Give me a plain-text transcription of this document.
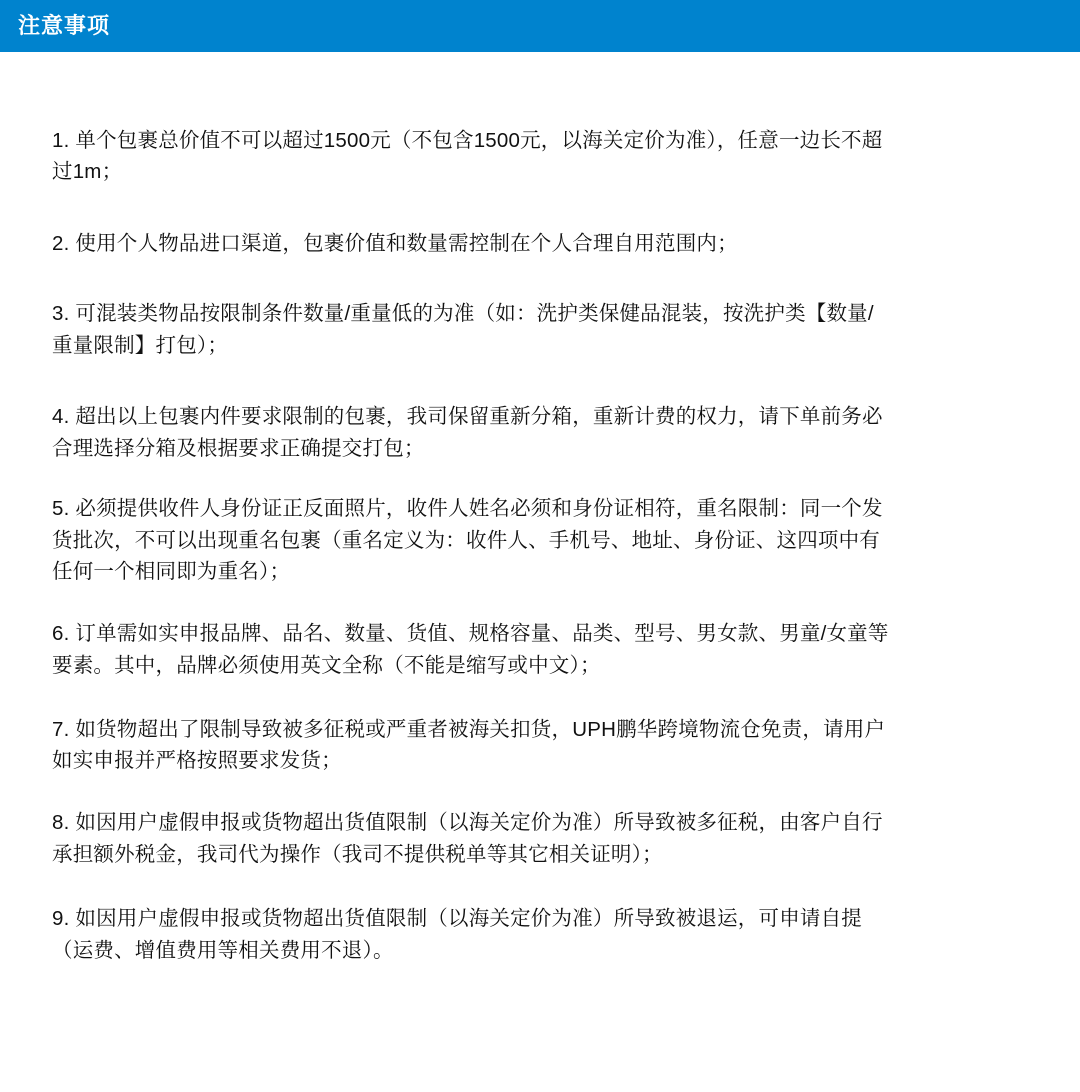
注意事项

1. 单个包裹总价值不可以超过1500元（不包含1500元，以海关定价为准），任意一边长不超过1m；

2. 使用个人物品进口渠道，包裹价值和数量需控制在个人合理自用范围内；

3. 可混装类物品按限制条件数量/重量低的为准（如：洗护类保健品混装，按洗护类【数量/重量限制】打包）；

4. 超出以上包裹内件要求限制的包裹，我司保留重新分箱，重新计费的权力，请下单前务必合理选择分箱及根据要求正确提交打包；

5. 必须提供收件人身份证正反面照片，收件人姓名必须和身份证相符，重名限制：同一个发货批次，不可以出现重名包裹（重名定义为：收件人、手机号、地址、身份证、这四项中有任何一个相同即为重名）；

6. 订单需如实申报品牌、品名、数量、货值、规格容量、品类、型号、男女款、男童/女童等要素。其中，品牌必须使用英文全称（不能是缩写或中文）；

7. 如货物超出了限制导致被多征税或严重者被海关扣货，UPH鹏华跨境物流仓免责，请用户如实申报并严格按照要求发货；

8. 如因用户虚假申报或货物超出货值限制（以海关定价为准）所导致被多征税，由客户自行承担额外税金，我司代为操作（我司不提供税单等其它相关证明）；

9. 如因用户虚假申报或货物超出货值限制（以海关定价为准）所导致被退运，可申请自提（运费、增值费用等相关费用不退）。
